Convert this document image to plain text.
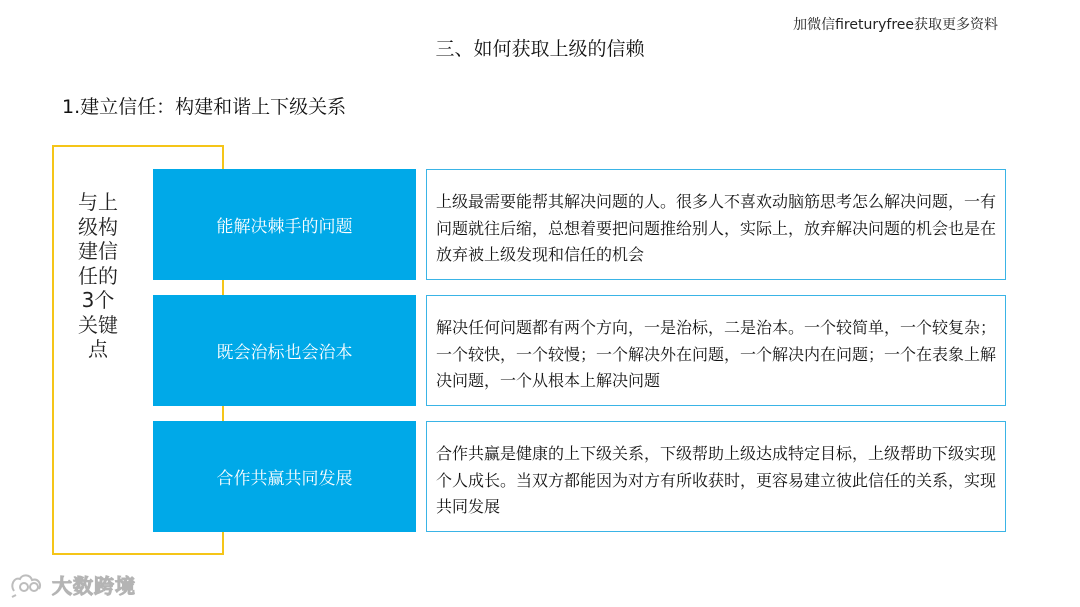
加微信fireturyfree获取更多资料
三、如何获取上级的信赖
1.建立信任：构建和谐上下级关系
与上级构建信任的3个关键点
能解决棘手的问题
上级最需要能帮其解决问题的人。很多人不喜欢动脑筋思考怎么解决问题，一有问题就往后缩，总想着要把问题推给别人，实际上，放弃解决问题的机会也是在放弃被上级发现和信任的机会
既会治标也会治本
解决任何问题都有两个方向，一是治标，二是治本。一个较简单，一个较复杂；一个较快，一个较慢；一个解决外在问题，一个解决内在问题；一个在表象上解决问题，一个从根本上解决问题
合作共赢共同发展
合作共赢是健康的上下级关系，下级帮助上级达成特定目标，上级帮助下级实现个人成长。当双方都能因为对方有所收获时，更容易建立彼此信任的关系，实现共同发展
大数跨境
